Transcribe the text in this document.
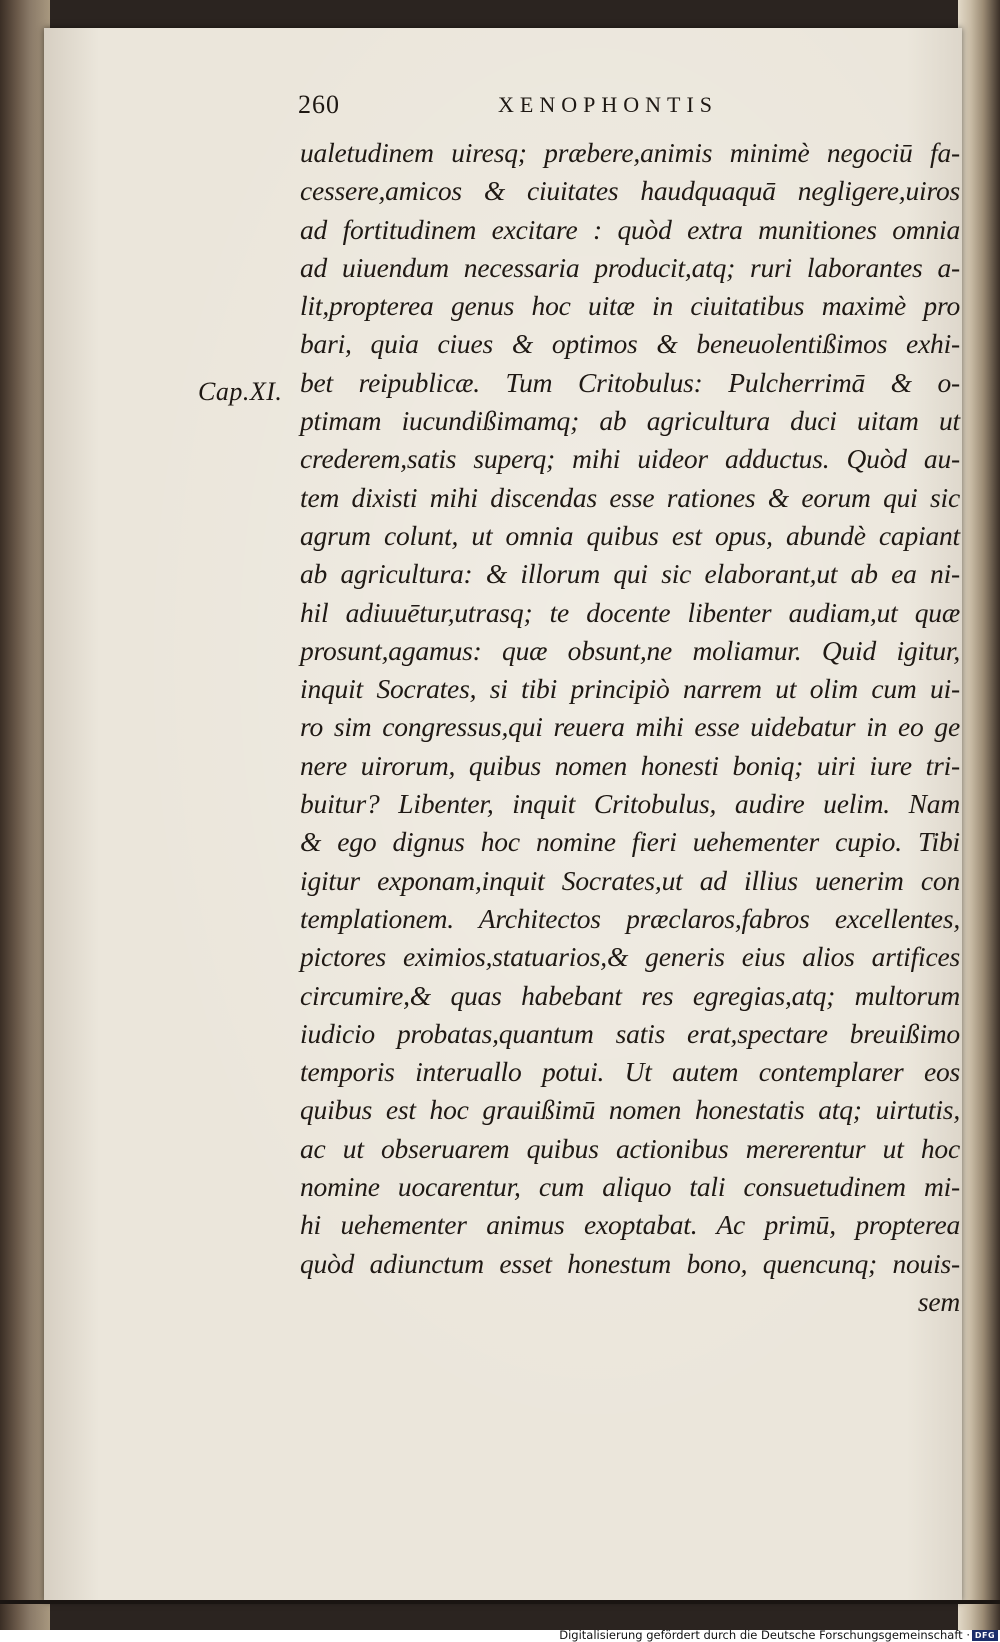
260	XENOPHONTIS
Cap.XI.
ualetudinem uiresq; præbere,animis minimè negociū fa-
cessere,amicos & ciuitates haudquaquā negligere,uiros
ad fortitudinem excitare : quòd extra munitiones omnia
ad uiuendum necessaria producit,atq; ruri laborantes a-
lit,propterea genus hoc uitæ in ciuitatibus maximè pro
bari, quia ciues & optimos & beneuolentißimos exhi-
bet reipublicæ. Tum Critobulus: Pulcherrimā & o-
ptimam iucundißimamq; ab agricultura duci uitam ut
crederem,satis superq; mihi uideor adductus. Quòd au-
tem dixisti mihi discendas esse rationes & eorum qui sic
agrum colunt, ut omnia quibus est opus, abundè capiant
ab agricultura: & illorum qui sic elaborant,ut ab ea ni-
hil adiuuētur,utrasq; te docente libenter audiam,ut quæ
prosunt,agamus: quæ obsunt,ne moliamur. Quid igitur,
inquit Socrates, si tibi principiò narrem ut olim cum ui-
ro sim congressus,qui reuera mihi esse uidebatur in eo ge
nere uirorum, quibus nomen honesti boniq; uiri iure tri-
buitur? Libenter, inquit Critobulus, audire uelim. Nam
& ego dignus hoc nomine fieri uehementer cupio. Tibi
igitur exponam,inquit Socrates,ut ad illius uenerim con
templationem. Architectos præclaros,fabros excellentes,
pictores eximios,statuarios,& generis eius alios artifices
circumire,& quas habebant res egregias,atq; multorum
iudicio probatas,quantum satis erat,spectare breuißimo
temporis interuallo potui. Ut autem contemplarer eos
quibus est hoc grauißimū nomen honestatis atq; uirtutis,
ac ut obseruarem quibus actionibus mererentur ut hoc
nomine uocarentur, cum aliquo tali consuetudinem mi-
hi uehementer animus exoptabat. Ac primū, propterea
quòd adiunctum esset honestum bono, quencunq; nouis-
sem
Digitalisierung gefördert durch die Deutsche Forschungsgemeinschaft · DFG
